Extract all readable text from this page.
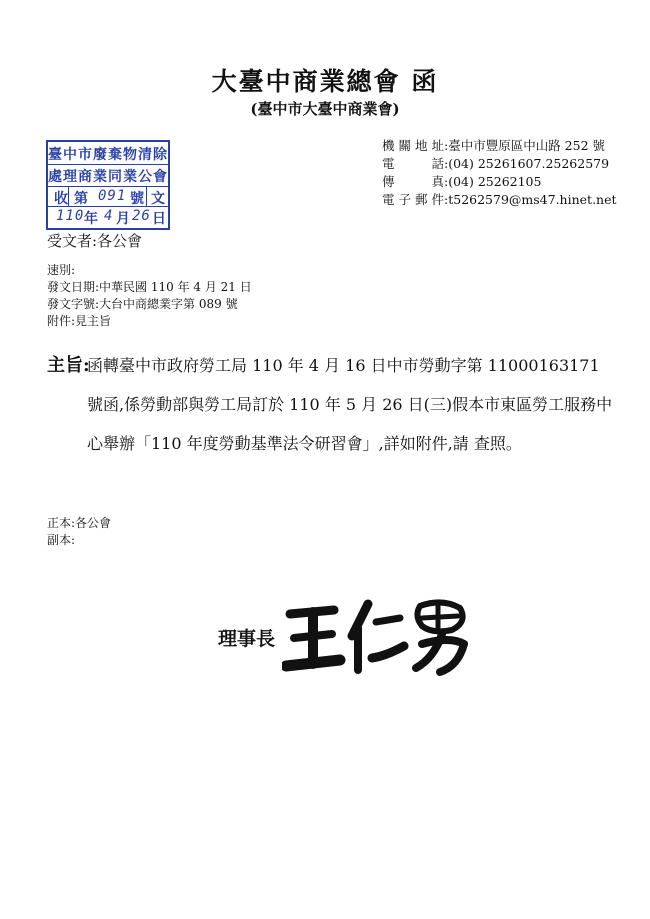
大臺中商業總會 函
(臺中市大臺中商業會)
臺中市廢棄物清除
處理商業同業公會
收 第 091 號 文
110 年 4 月 26 日
機關地址:臺中市豐原區中山路 252 號
電話:(04) 25261607.25262579
傳真:(04) 25262105
電子郵件:t5262579@ms47.hinet.net
受文者:各公會
速別:
發文日期:中華民國 110 年 4 月 21 日
發文字號:大台中商總業字第 089 號
附件:見主旨
主旨:
函轉臺中市政府勞工局 110 年 4 月 16 日中市勞動字第 11000163171 號函,係勞動部與勞工局訂於 110 年 5 月 26 日(三)假本市東區勞工服務中心舉辦「110 年度勞動基準法令研習會」,詳如附件,請 查照。
正本:各公會
副本:
理事長
